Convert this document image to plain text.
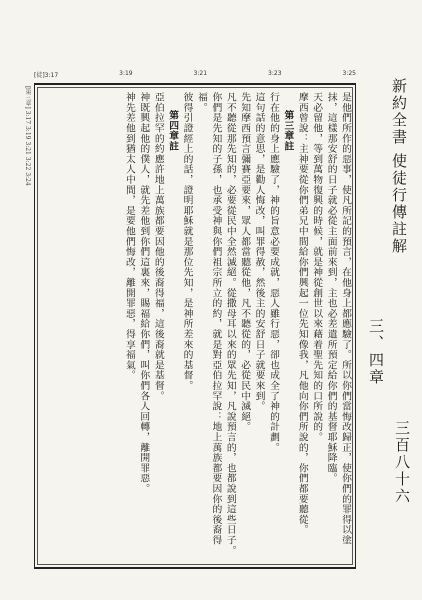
[徒]3:17	3:19	3:21	3:23	3:25
新約全書 使徒行傳註解
三、四章
三百八十六
是他們所作的惡事，使凡所記的預言，在他身上都應驗了。所以你們當悔改歸正，使你們的罪得以塗抹，這樣那安舒的日子就必從主面前來到，主也必差遣所預定給你們的基督耶穌降臨。
天必留他，等到萬物復興的時候，就是神從創世以來藉着聖先知的口所說的。
摩西曾說：主神要從你們弟兄中間給你們興起一位先知像我，凡他向你們所說的，你們都要聽從。
第三章註
行在他的身上應驗了，神的旨意必要成就，惡人雖行惡，卻也成全了神的計劃。
這句話的意思，是勸人悔改，叫罪得赦，然後主的安舒日子就要來到。
先知摩西預言彌賽亞要來，眾人都當聽從他，凡不聽從的，必從民中滅絕。
凡不聽從那先知的，必要從民中全然滅絕。從撒母耳以來的眾先知，凡說預言的，也都說到這些日子。
你們是先知的子孫，也承受神與你們祖宗所立的約，就是對亞伯拉罕說：地上萬族都要因你的後裔得福。
彼得引證經上的話，證明耶穌就是那位先知，是神所差來的基督。
第四章註
亞伯拉罕的約應許地上萬族都要因他的後裔得福，這後裔就是基督。
神既興起他的僕人，就先差他到你們這裏來，賜福給你們，叫你們各人回轉，離開罪惡。
神先差他到猶太人中間，是要他們悔改，離開罪惡，得享福氣。
[第三章] 3:17 3:19 3:21 3:22 3:24
